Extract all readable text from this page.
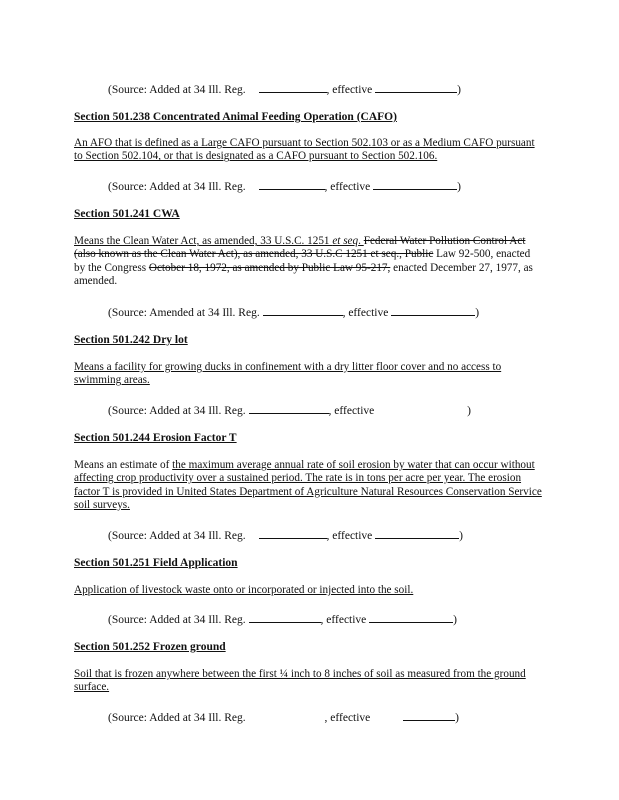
(Source: Added at 34 Ill. Reg.	, effective	)
Section 501.238 Concentrated Animal Feeding Operation (CAFO)

An AFO that is defined as a Large CAFO pursuant to Section 502.103 or as a Medium CAFO pursuant to Section 502.104, or that is designated as a CAFO pursuant to Section 502.106.

(Source: Added at 34 Ill. Reg.	, effective	)
Section 501.241 CWA

Means the Clean Water Act, as amended, 33 U.S.C. 1251 et seq. Federal Water Pollution Control Act (also known as the Clean Water Act), as amended, 33 U.S.C 1251 et seq., Public Law 92-500, enacted by the Congress October 18, 1972, as amended by Public Law 95-217, enacted December 27, 1977, as amended.

(Source: Amended at 34 Ill. Reg.	, effective	)
Section 501.242 Dry lot

Means a facility for growing ducks in confinement with a dry litter floor cover and no access to swimming areas.

(Source: Added at 34 Ill. Reg.	, effective	)
Section 501.244 Erosion Factor T

Means an estimate of the maximum average annual rate of soil erosion by water that can occur without affecting crop productivity over a sustained period. The rate is in tons per acre per year. The erosion factor T is provided in United States Department of Agriculture Natural Resources Conservation Service soil surveys.

(Source: Added at 34 Ill. Reg.	, effective	)
Section 501.251 Field Application

Application of livestock waste onto or incorporated or injected into the soil.

(Source: Added at 34 Ill. Reg.	, effective	)
Section 501.252 Frozen ground

Soil that is frozen anywhere between the first ¼ inch to 8 inches of soil as measured from the ground surface.

(Source: Added at 34 Ill. Reg.	, effective	)
